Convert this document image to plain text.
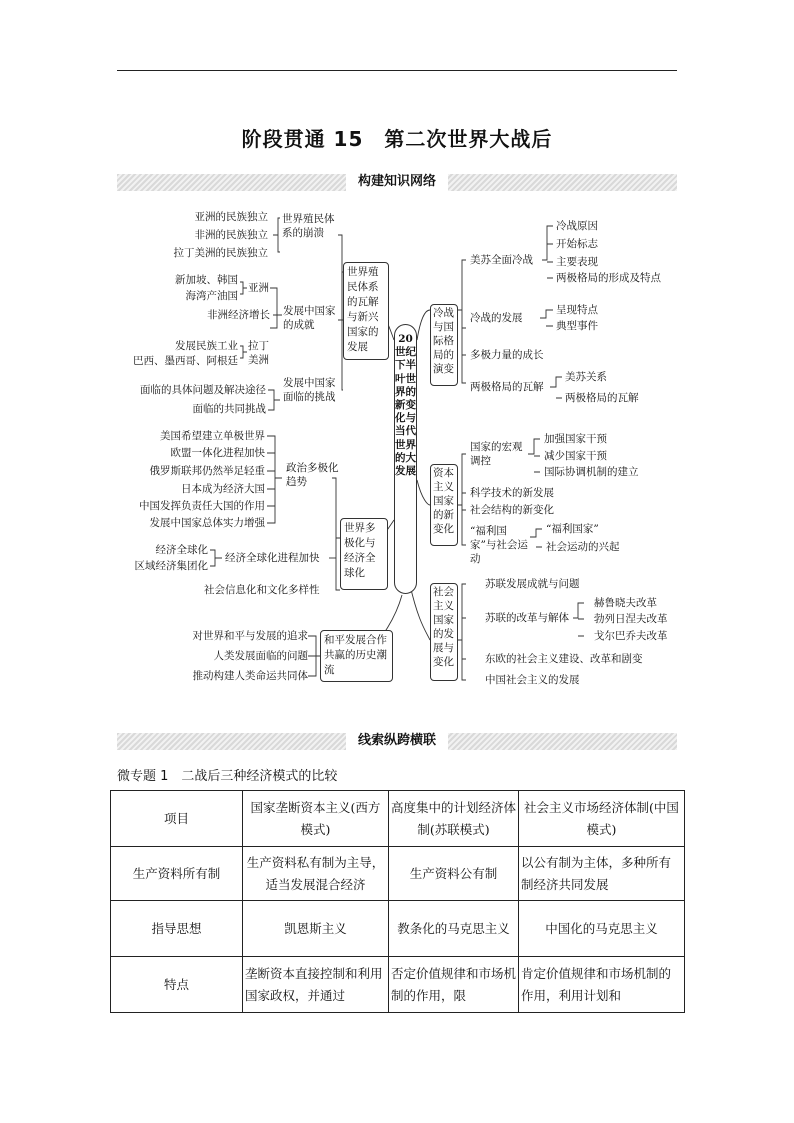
阶段贯通 15　第二次世界大战后
构建知识网络
20世纪下半叶世界的新变化与当代世界的大发展
亚洲的民族独立
非洲的民族独立
拉丁美洲的民族独立
世界殖民体系的崩溃
新加坡、韩国
海湾产油国
亚洲
非洲经济增长
发展民族工业
巴西、墨西哥、阿根廷
拉丁美洲
发展中国家的成就
面临的具体问题及解决途径
面临的共同挑战
发展中国家面临的挑战
世界殖民体系的瓦解与新兴国家的发展
美国希望建立单极世界
欧盟一体化进程加快
俄罗斯联邦仍然举足轻重
日本成为经济大国
中国发挥负责任大国的作用
发展中国家总体实力增强
政治多极化趋势
经济全球化
区域经济集团化
经济全球化进程加快
社会信息化和文化多样性
世界多极化与经济全球化
对世界和平与发展的追求
人类发展面临的问题
推动构建人类命运共同体
和平发展合作共赢的历史潮流
冷战与国际格局的演变
美苏全面冷战
冷战原因
开始标志
主要表现
两极格局的形成及特点
冷战的发展
呈现特点
典型事件
多极力量的成长
两极格局的瓦解
美苏关系
两极格局的瓦解
资本主义国家的新变化
国家的宏观调控
加强国家干预
减少国家干预
国际协调机制的建立
科学技术的新发展
社会结构的新变化
“福利国家”与社会运动
“福利国家”
社会运动的兴起
社会主义国家的发展与变化
苏联发展成就与问题
苏联的改革与解体
赫鲁晓夫改革
勃列日涅夫改革
戈尔巴乔夫改革
东欧的社会主义建设、改革和剧变
中国社会主义的发展
线索纵跨横联
微专题 1　二战后三种经济模式的比较
项目	国家垄断资本主义(西方模式)	高度集中的计划经济体制(苏联模式)	社会主义市场经济体制(中国模式)
生产资料所有制	生产资料私有制为主导，适当发展混合经济	生产资料公有制	以公有制为主体，多种所有制经济共同发展
指导思想	凯恩斯主义	教条化的马克思主义	中国化的马克思主义
特点	垄断资本直接控制和利用国家政权，并通过	否定价值规律和市场机制的作用，限	肯定价值规律和市场机制的作用，利用计划和
